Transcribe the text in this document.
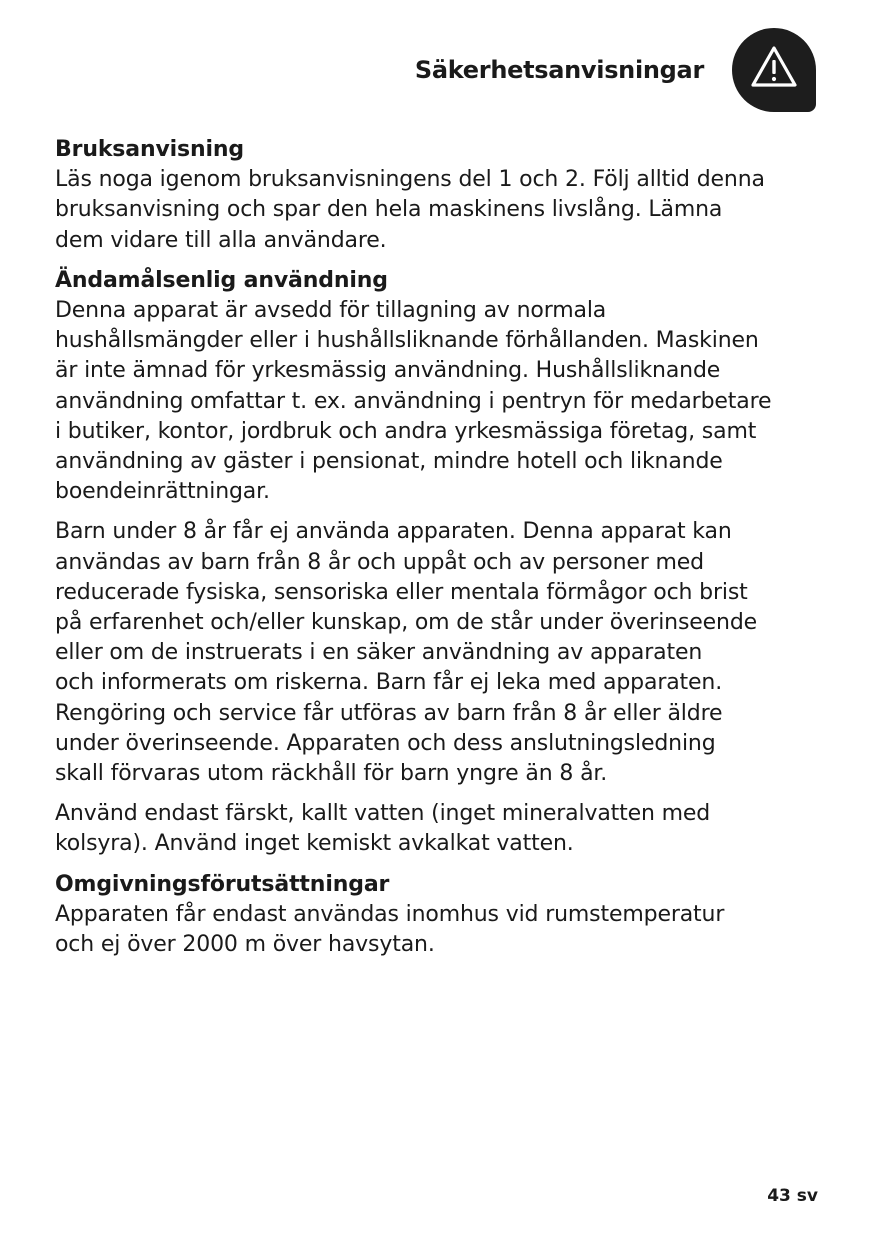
Säkerhetsanvisningar
Bruksanvisning
Läs noga igenom bruksanvisningens del 1 och 2. Följ alltid denna
bruksanvisning och spar den hela maskinens livslång. Lämna
dem vidare till alla användare.
Ändamålsenlig användning
Denna apparat är avsedd för tillagning av normala
hushållsmängder eller i hushållsliknande förhållanden. Maskinen
är inte ämnad för yrkesmässig användning. Hushållsliknande
användning omfattar t. ex. användning i pentryn för medarbetare
i butiker, kontor, jordbruk och andra yrkesmässiga företag, samt
användning av gäster i pensionat, mindre hotell och liknande
boendeinrättningar.
Barn under 8 år får ej använda apparaten. Denna apparat kan
användas av barn från 8 år och uppåt och av personer med
reducerade fysiska, sensoriska eller mentala förmågor och brist
på erfarenhet och/eller kunskap, om de står under överinseende
eller om de instruerats i en säker användning av apparaten
och informerats om riskerna. Barn får ej leka med apparaten.
Rengöring och service får utföras av barn från 8 år eller äldre
under överinseende. Apparaten och dess anslutningsledning
skall förvaras utom räckhåll för barn yngre än 8 år.
Använd endast färskt, kallt vatten (inget mineralvatten med
kolsyra). Använd inget kemiskt avkalkat vatten.
Omgivningsförutsättningar
Apparaten får endast användas inomhus vid rumstemperatur
och ej över 2000 m över havsytan.
43 sv
